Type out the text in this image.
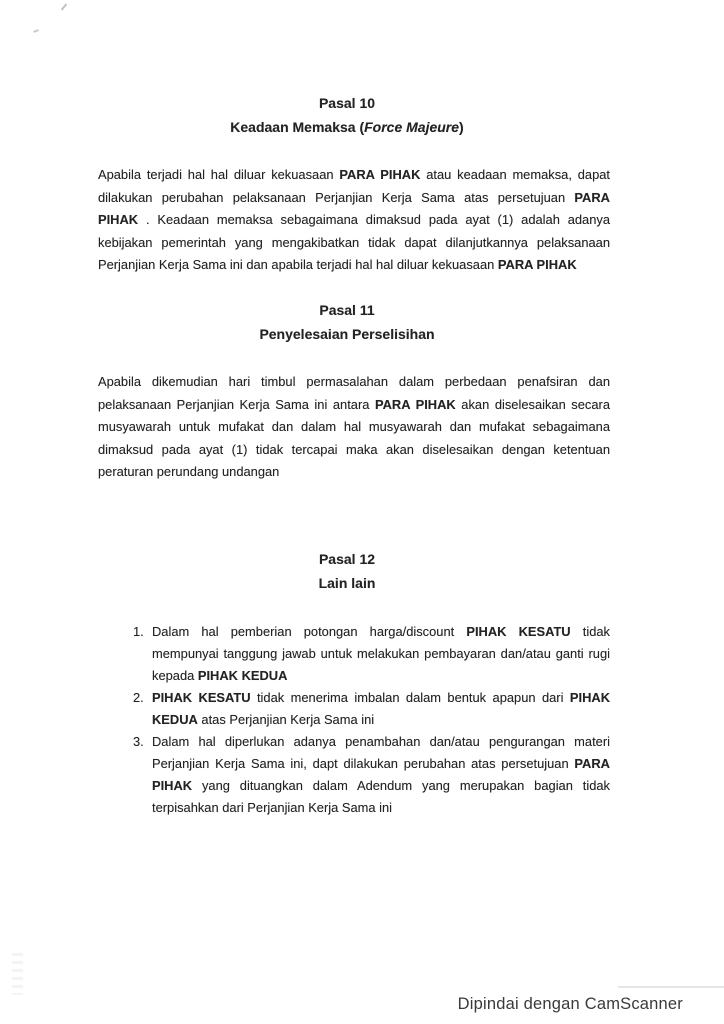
Pasal 10
Keadaan Memaksa (Force Majeure)
Apabila terjadi hal hal diluar kekuasaan PARA PIHAK atau keadaan memaksa, dapat
dilakukan perubahan pelaksanaan Perjanjian Kerja Sama atas persetujuan PARA
PIHAK . Keadaan memaksa sebagaimana dimaksud pada ayat (1) adalah adanya
kebijakan pemerintah yang mengakibatkan tidak dapat dilanjutkannya pelaksanaan
Perjanjian Kerja Sama ini dan apabila terjadi hal hal diluar kekuasaan PARA PIHAK
Pasal 11
Penyelesaian Perselisihan
Apabila dikemudian hari timbul permasalahan dalam perbedaan penafsiran dan
pelaksanaan Perjanjian Kerja Sama ini antara PARA PIHAK akan diselesaikan secara
musyawarah untuk mufakat dan dalam hal musyawarah dan mufakat sebagaimana
dimaksud pada ayat (1) tidak tercapai maka akan diselesaikan dengan ketentuan
peraturan perundang undangan
Pasal 12
Lain lain
1. Dalam hal pemberian potongan harga/discount PIHAK KESATU tidak
mempunyai tanggung jawab untuk melakukan pembayaran dan/atau ganti rugi
kepada PIHAK KEDUA
2. PIHAK KESATU tidak menerima imbalan dalam bentuk apapun dari PIHAK
KEDUA atas Perjanjian Kerja Sama ini
3. Dalam hal diperlukan adanya penambahan dan/atau pengurangan materi
Perjanjian Kerja Sama ini, dapt dilakukan perubahan atas persetujuan PARA
PIHAK yang dituangkan dalam Adendum yang merupakan bagian tidak
terpisahkan dari Perjanjian Kerja Sama ini
Dipindai dengan CamScanner
